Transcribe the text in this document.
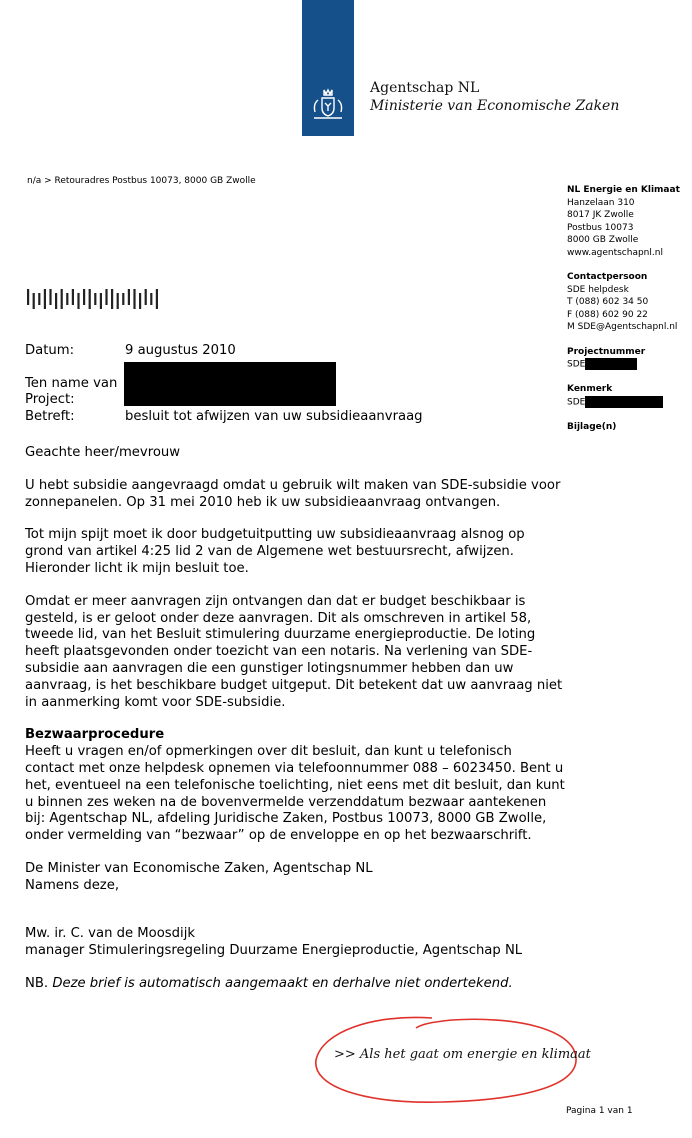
Agentschap NL
Ministerie van Economische Zaken
n/a > Retouradres Postbus 10073, 8000 GB Zwolle
NL Energie en Klimaat
Hanzelaan 310
8017 JK Zwolle
Postbus 10073
8000 GB Zwolle
www.agentschapnl.nl
Contactpersoon
SDE helpdesk
T (088) 602 34 50
F (088) 602 90 22
M SDE@Agentschapnl.nl
Projectnummer
SDE
Kenmerk
SDE
Bijlage(n)
Datum:	9 augustus 2010
Ten name van
Project:
Betreft:	besluit tot afwijzen van uw subsidieaanvraag

Geachte heer/mevrouw

U hebt subsidie aangevraagd omdat u gebruik wilt maken van SDE-subsidie voor zonnepanelen. Op 31 mei 2010 heb ik uw subsidieaanvraag ontvangen.

Tot mijn spijt moet ik door budgetuitputting uw subsidieaanvraag alsnog op grond van artikel 4:25 lid 2 van de Algemene wet bestuursrecht, afwijzen. Hieronder licht ik mijn besluit toe.

Omdat er meer aanvragen zijn ontvangen dan dat er budget beschikbaar is gesteld, is er geloot onder deze aanvragen. Dit als omschreven in artikel 58, tweede lid, van het Besluit stimulering duurzame energieproductie. De loting heeft plaatsgevonden onder toezicht van een notaris. Na verlening van SDE-subsidie aan aanvragen die een gunstiger lotingsnummer hebben dan uw aanvraag, is het beschikbare budget uitgeput. Dit betekent dat uw aanvraag niet in aanmerking komt voor SDE-subsidie.

Bezwaarprocedure

Heeft u vragen en/of opmerkingen over dit besluit, dan kunt u telefonisch contact met onze helpdesk opnemen via telefoonnummer 088 – 6023450. Bent u het, eventueel na een telefonische toelichting, niet eens met dit besluit, dan kunt u binnen zes weken na de bovenvermelde verzenddatum bezwaar aantekenen bij: Agentschap NL, afdeling Juridische Zaken, Postbus 10073, 8000 GB Zwolle, onder vermelding van “bezwaar” op de enveloppe en op het bezwaarschrift.

De Minister van Economische Zaken, Agentschap NL
Namens deze,
Mw. ir. C. van de Moosdijk
manager Stimuleringsregeling Duurzame Energieproductie, Agentschap NL
NB. Deze brief is automatisch aangemaakt en derhalve niet ondertekend.
>> Als het gaat om energie en klimaat
Pagina 1 van 1
